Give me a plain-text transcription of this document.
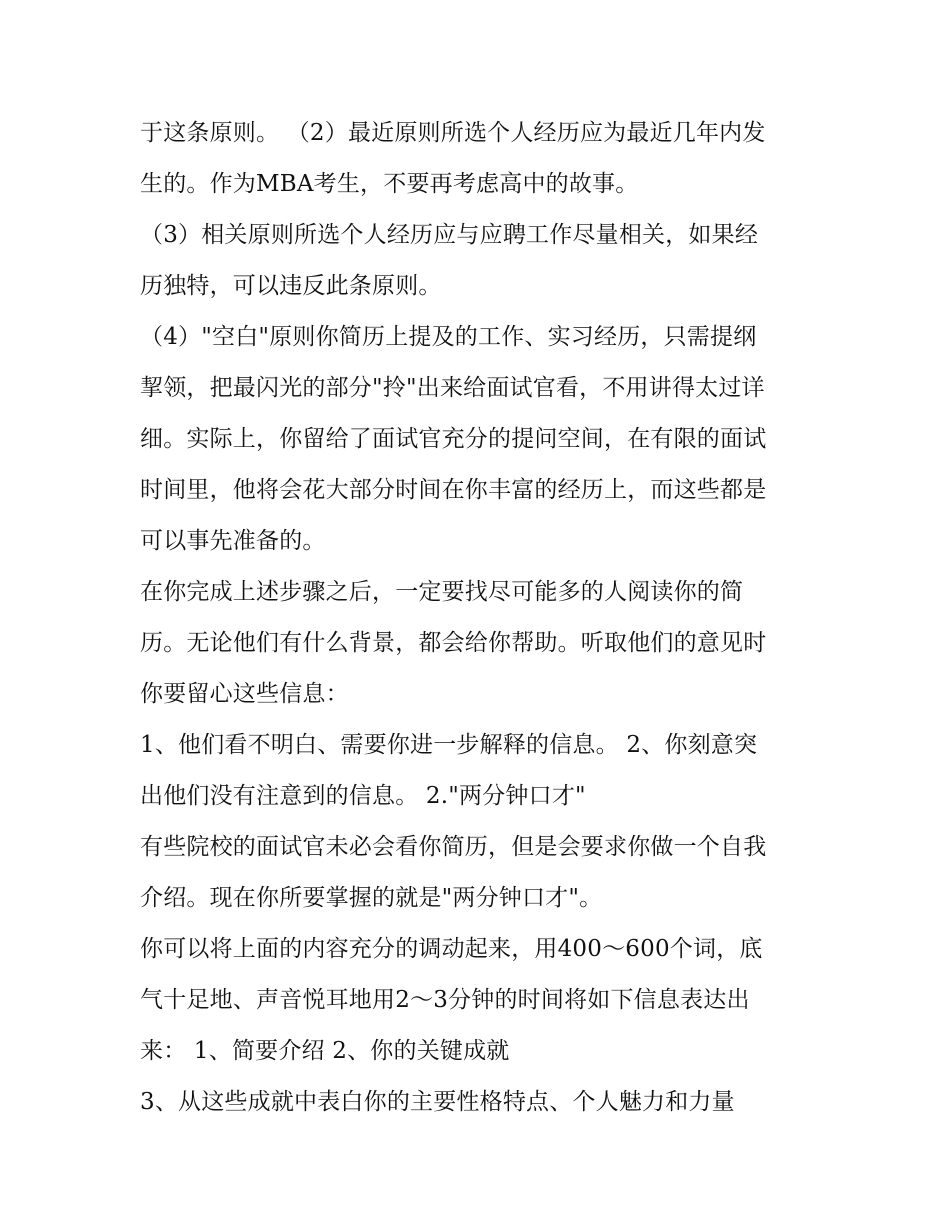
于这条原则。 （2）最近原则所选个人经历应为最近几年内发
生的。作为MBA考生，不要再考虑高中的故事。
（3）相关原则所选个人经历应与应聘工作尽量相关，如果经
历独特，可以违反此条原则。
（4）"空白"原则你简历上提及的工作、实习经历，只需提纲
挈领，把最闪光的部分"拎"出来给面试官看，不用讲得太过详
细。实际上，你留给了面试官充分的提问空间，在有限的面试
时间里，他将会花大部分时间在你丰富的经历上，而这些都是
可以事先准备的。
在你完成上述步骤之后，一定要找尽可能多的人阅读你的简
历。无论他们有什么背景，都会给你帮助。听取他们的意见时
你要留心这些信息：
1、他们看不明白、需要你进一步解释的信息。 2、你刻意突
出他们没有注意到的信息。 2."两分钟口才"
有些院校的面试官未必会看你简历，但是会要求你做一个自我
介绍。现在你所要掌握的就是"两分钟口才"。
你可以将上面的内容充分的调动起来，用400～600个词，底
气十足地、声音悦耳地用2～3分钟的时间将如下信息表达出
来： 1、简要介绍 2、你的关键成就
3、从这些成就中表白你的主要性格特点、个人魅力和力量
